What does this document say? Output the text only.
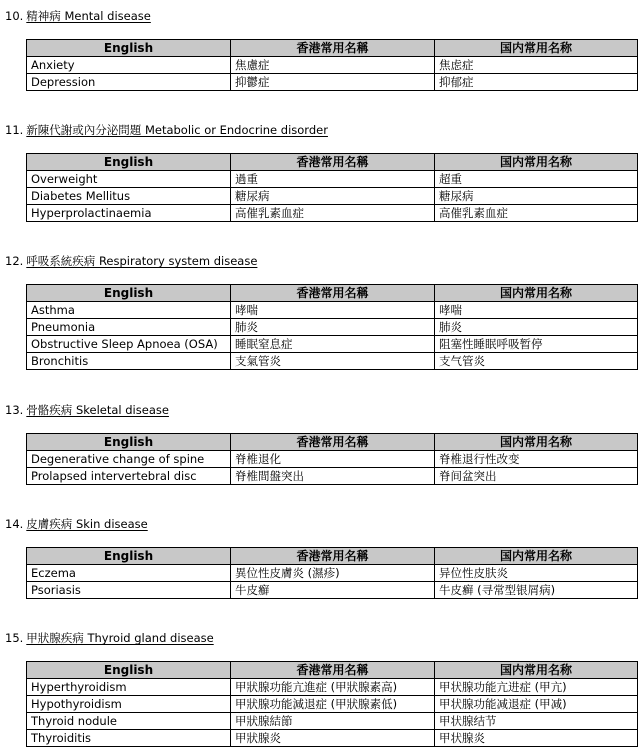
10. 精神病 Mental disease

English	香港常用名稱	国内常用名称
Anxiety	焦慮症	焦虑症
Depression	抑鬱症	抑郁症

11. 新陳代謝或內分泌問題 Metabolic or Endocrine disorder

English	香港常用名稱	国内常用名称
Overweight	過重	超重
Diabetes Mellitus	糖尿病	糖尿病
Hyperprolactinaemia	高催乳素血症	高催乳素血症

12. 呼吸系統疾病 Respiratory system disease

English	香港常用名稱	国内常用名称
Asthma	哮喘	哮喘
Pneumonia	肺炎	肺炎
Obstructive Sleep Apnoea (OSA)	睡眠窒息症	阻塞性睡眠呼吸暂停
Bronchitis	支氣管炎	支气管炎

13. 骨骼疾病 Skeletal disease

English	香港常用名稱	国内常用名称
Degenerative change of spine	脊椎退化	脊椎退行性改变
Prolapsed intervertebral disc	脊椎間盤突出	脊间盆突出

14. 皮膚疾病 Skin disease

English	香港常用名稱	国内常用名称
Eczema	異位性皮膚炎 (濕疹)	异位性皮肤炎
Psoriasis	牛皮癬	牛皮癣 (寻常型银屑病)

15. 甲狀腺疾病 Thyroid gland disease

English	香港常用名稱	国内常用名称
Hyperthyroidism	甲狀腺功能亢進症 (甲狀腺素高)	甲状腺功能亢进症 (甲亢)
Hypothyroidism	甲狀腺功能減退症 (甲狀腺素低)	甲状腺功能减退症 (甲减)
Thyroid nodule	甲狀腺結節	甲状腺结节
Thyroiditis	甲狀腺炎	甲状腺炎
